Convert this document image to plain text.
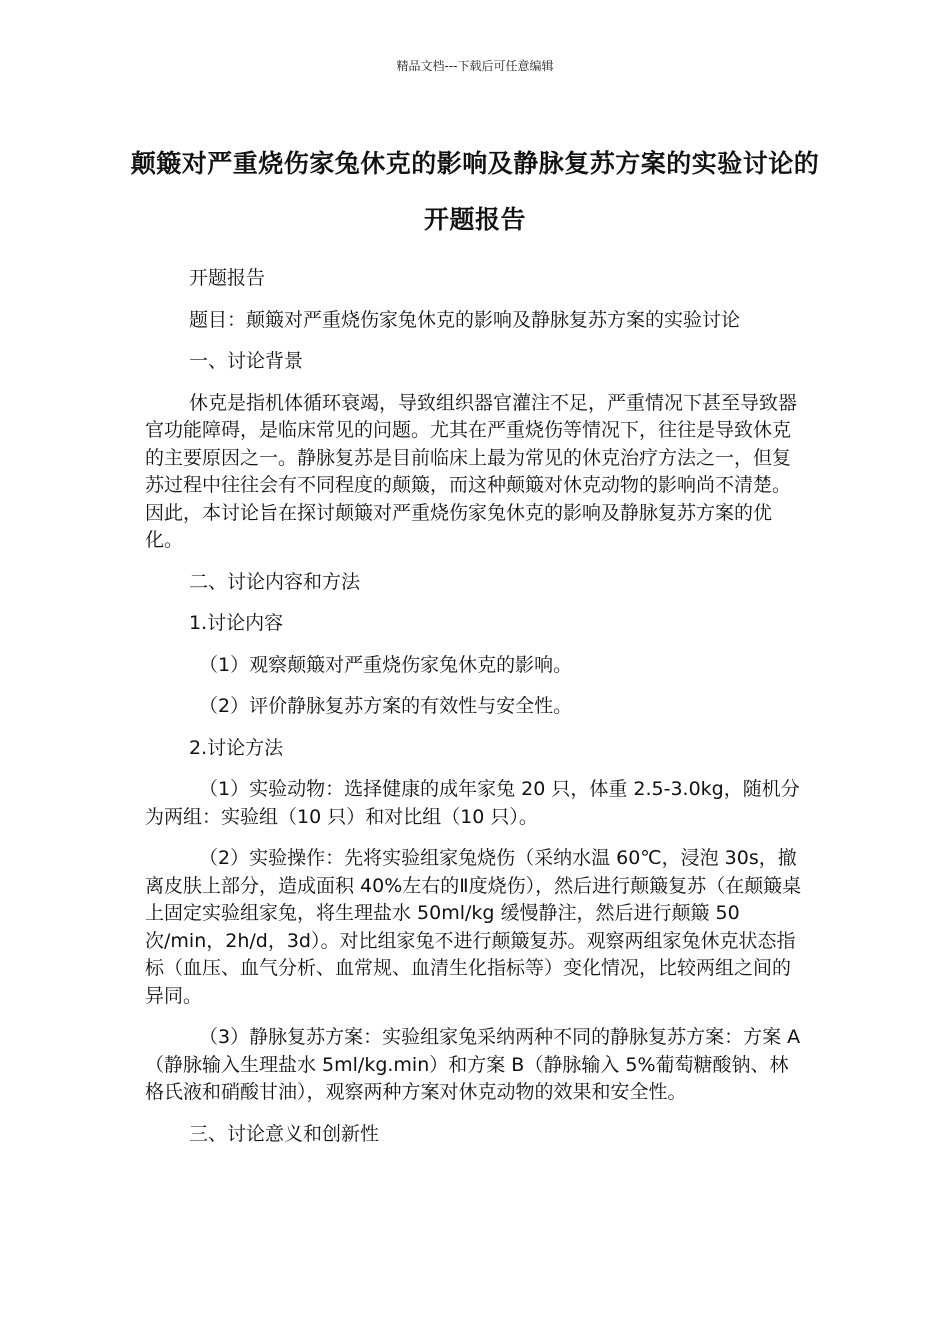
精品文档---下载后可任意编辑
颠簸对严重烧伤家兔休克的影响及静脉复苏方案的实验讨论的开题报告

开题报告

题目：颠簸对严重烧伤家兔休克的影响及静脉复苏方案的实验讨论

一、讨论背景

休克是指机体循环衰竭，导致组织器官灌注不足，严重情况下甚至导致器官功能障碍，是临床常见的问题。尤其在严重烧伤等情况下，往往是导致休克的主要原因之一。静脉复苏是目前临床上最为常见的休克治疗方法之一，但复苏过程中往往会有不同程度的颠簸，而这种颠簸对休克动物的影响尚不清楚。因此，本讨论旨在探讨颠簸对严重烧伤家兔休克的影响及静脉复苏方案的优化。

二、讨论内容和方法

1.讨论内容

（1）观察颠簸对严重烧伤家兔休克的影响。

（2）评价静脉复苏方案的有效性与安全性。

2.讨论方法

（1）实验动物：选择健康的成年家兔 20 只，体重 2.5-3.0kg，随机分为两组：实验组（10 只）和对比组（10 只）。

（2）实验操作：先将实验组家兔烧伤（采纳水温 60℃，浸泡 30s，撤离皮肤上部分，造成面积 40%左右的Ⅱ度烧伤），然后进行颠簸复苏（在颠簸桌上固定实验组家兔，将生理盐水 50ml/kg 缓慢静注，然后进行颠簸 50 次/min，2h/d，3d）。对比组家兔不进行颠簸复苏。观察两组家兔休克状态指标（血压、血气分析、血常规、血清生化指标等）变化情况，比较两组之间的异同。

（3）静脉复苏方案：实验组家兔采纳两种不同的静脉复苏方案：方案 A（静脉输入生理盐水 5ml/kg.min）和方案 B（静脉输入 5%葡萄糖酸钠、林格氏液和硝酸甘油），观察两种方案对休克动物的效果和安全性。

三、讨论意义和创新性
